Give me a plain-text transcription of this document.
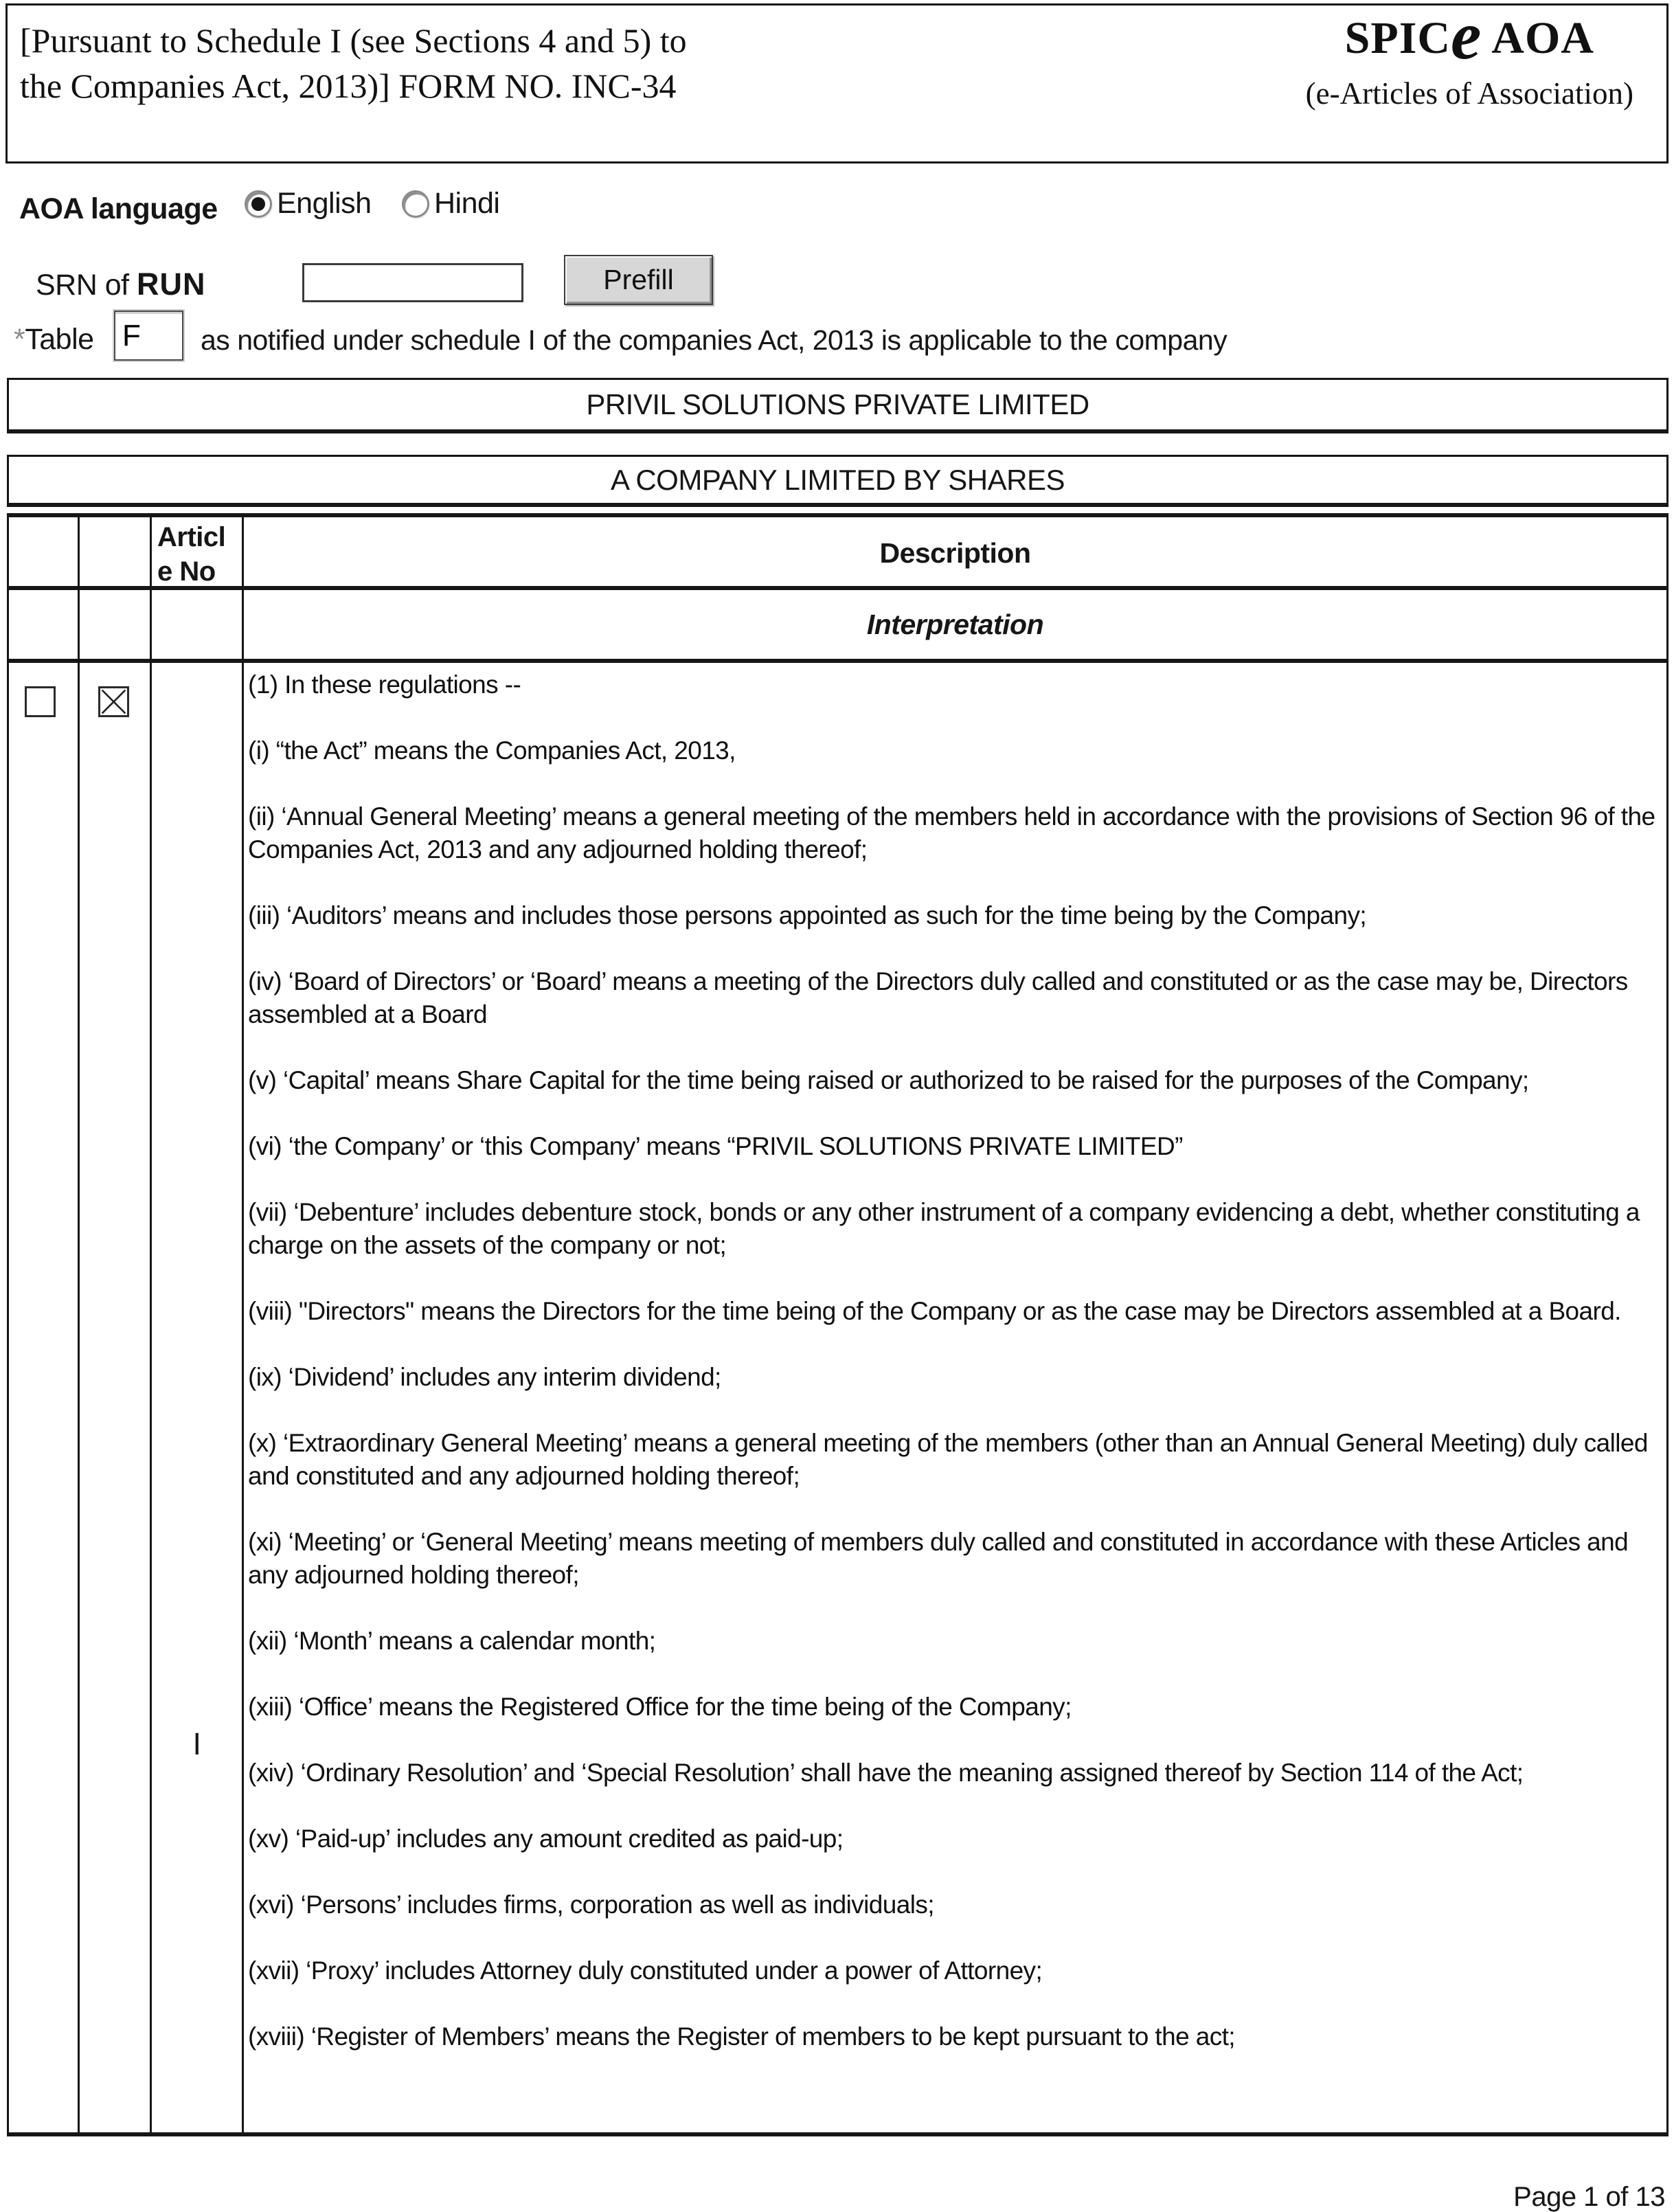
[Pursuant to Schedule I (see Sections 4 and 5) to
the Companies Act, 2013)] FORM NO. INC-34
SPICe AOA
(e-Articles of Association)
AOA language English Hindi
SRN of RUN	Prefill
*Table
F	as notified under schedule I of the companies Act, 2013 is applicable to the company
PRIVIL SOLUTIONS PRIVATE LIMITED
A COMPANY LIMITED BY SHARES
Articl e No
Description
Interpretation
I

(1) In these regulations --

(i) “the Act” means the Companies Act, 2013,

(ii) ‘Annual General Meeting’ means a general meeting of the members held in accordance with the provisions of Section 96 of the Companies Act, 2013 and any adjourned holding thereof;

(iii) ‘Auditors’ means and includes those persons appointed as such for the time being by the Company;

(iv) ‘Board of Directors’ or ‘Board’ means a meeting of the Directors duly called and constituted or as the case may be, Directors assembled at a Board

(v) ‘Capital’ means Share Capital for the time being raised or authorized to be raised for the purposes of the Company;

(vi) ‘the Company’ or ‘this Company’ means “PRIVIL SOLUTIONS PRIVATE LIMITED”

(vii) ‘Debenture’ includes debenture stock, bonds or any other instrument of a company evidencing a debt, whether constituting a charge on the assets of the company or not;

(viii) "Directors" means the Directors for the time being of the Company or as the case may be Directors assembled at a Board.

(ix) ‘Dividend’ includes any interim dividend;

(x) ‘Extraordinary General Meeting’ means a general meeting of the members (other than an Annual General Meeting) duly called and constituted and any adjourned holding thereof;

(xi) ‘Meeting’ or ‘General Meeting’ means meeting of members duly called and constituted in accordance with these Articles and any adjourned holding thereof;

(xii) ‘Month’ means a calendar month;

(xiii) ‘Office’ means the Registered Office for the time being of the Company;

(xiv) ‘Ordinary Resolution’ and ‘Special Resolution’ shall have the meaning assigned thereof by Section 114 of the Act;

(xv) ‘Paid-up’ includes any amount credited as paid-up;

(xvi) ‘Persons’ includes firms, corporation as well as individuals;

(xvii) ‘Proxy’ includes Attorney duly constituted under a power of Attorney;

(xviii) ‘Register of Members’ means the Register of members to be kept pursuant to the act;

Page 1 of 13
